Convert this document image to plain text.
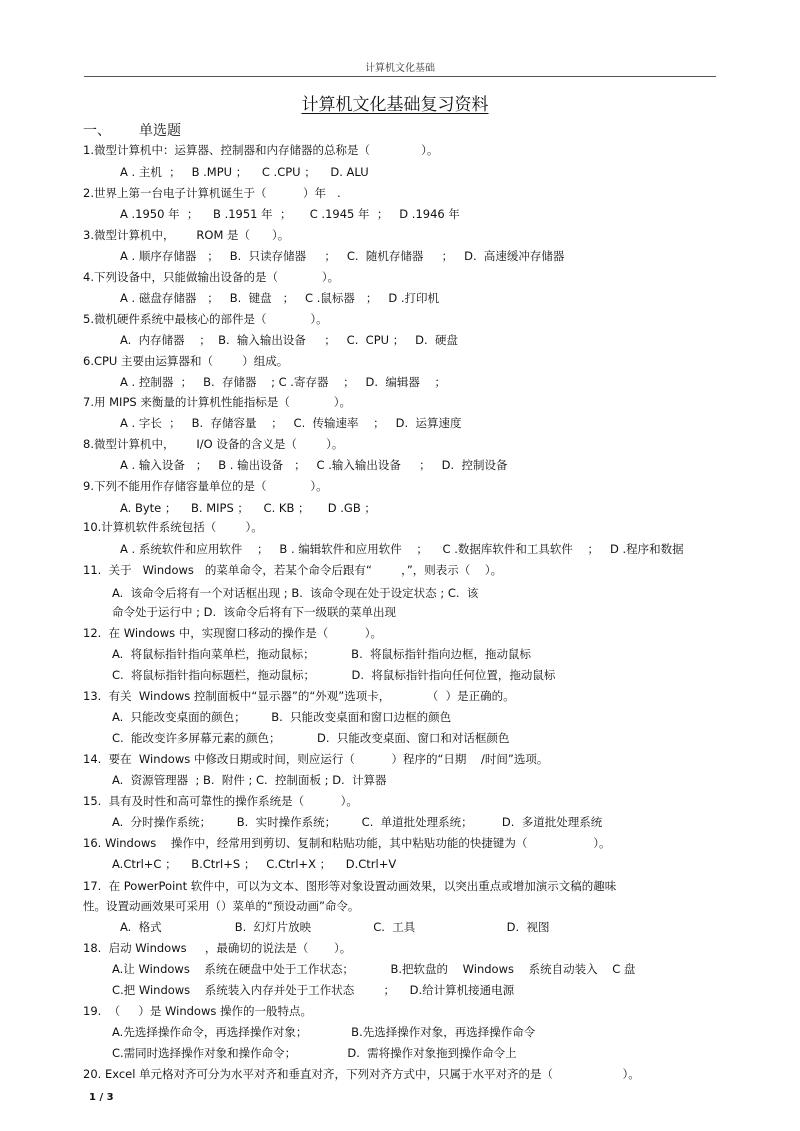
计算机文化基础
计算机文化基础复习资料
一、 单选题
1.微型计算机中：运算器、控制器和内存储器的总称是（              ）。
A . 主机  ；   B .MPU ；    C .CPU ；    D. ALU
2.世界上第一台电子计算机诞生于（          ）年   .
A .1950 年  ；    B .1951 年  ；     C .1945 年  ；   D .1946 年
3.微型计算机中，      ROM 是（      ）。
A . 顺序存储器   ；   B.  只读存储器     ；   C.  随机存储器     ；   D.  高速缓冲存储器
4.下列设备中，只能做输出设备的是（            ）。
A . 磁盘存储器   ；   B.  键盘   ；   C .鼠标器   ；   D .打印机
5.微机硬件系统中最核心的部件是（            ）。
A.  内存储器    ；  B.  输入输出设备     ；   C.  CPU ；   D.  硬盘
6.CPU 主要由运算器和（        ）组成。
A . 控制器  ；   B.  存储器    ; C .寄存器    ；   D.  编辑器    ；
7.用 MIPS 来衡量的计算机性能指标是（            ）。
A . 字长  ；   B.  存储容量    ；   C.  传输速率    ；   D.  运算速度
8.微型计算机中，      I/O 设备的含义是（        ）。
A . 输入设备   ；   B . 输出设备   ；   C .输入输出设备     ；   D.  控制设备
9.下列不能用作存储容量单位的是（            ）。
A. Byte ；    B. MIPS ；    C. KB ；     D .GB ；
10.计算机软件系统包括（        ）。
A . 系统软件和应用软件    ；   B . 编辑软件和应用软件    ；    C .数据库软件和工具软件    ；   D .程序和数据
11.  关于   Windows   的菜单命令，若某个命令后跟有“        ，”，则表示（    ）。
A.  该命令后将有一个对话框出现 ; B.  该命令现在处于设定状态 ; C.  该
命令处于运行中 ; D.  该命令后将有下一级联的菜单出现
12.  在 Windows 中，实现窗口移动的操作是（          ）。
A.  将鼠标指针指向菜单栏，拖动鼠标；          B.  将鼠标指针指向边框，拖动鼠标
C.  将鼠标指针指向标题栏，拖动鼠标；          D.  将鼠标指针指向任何位置，拖动鼠标
13.  有关  Windows 控制面板中“显示器”的“外观”选项卡，          （  ）是正确的。
A.  只能改变桌面的颜色；       B.  只能改变桌面和窗口边框的颜色
C.  能改变许多屏幕元素的颜色；          D.  只能改变桌面、窗口和对话框颜色
14.  要在  Windows 中修改日期或时间，则应运行（          ）程序的“日期    /时间”选项。
A.  资源管理器  ; B.  附件 ; C.  控制面板 ; D.  计算器
15.  具有及时性和高可靠性的操作系统是（          ）。
A.  分时操作系统；       B.  实时操作系统；       C.  单道批处理系统；        D.  多道批处理系统
16. Windows    操作中，经常用到剪切、复制和粘贴功能，其中粘贴功能的快捷键为（                  ）。
A.Ctrl+C ；    B.Ctrl+S ；   C.Ctrl+X ；    D.Ctrl+V
17.  在 PowerPoint 软件中，可以为文本、图形等对象设置动画效果，以突出重点或增加演示文稿的趣味
性。设置动画效果可采用（）菜单的“预设动画”命令。
A.  格式                    B.  幻灯片放映                 C.  工具                         D.  视图
18.  启动 Windows     ，最确切的说法是（       ）。
A.让 Windows    系统在硬盘中处于工作状态；          B.把软盘的    Windows    系统自动装入    C 盘
C.把 Windows    系统装入内存并处于工作状态        ；    D.给计算机接通电源
19.  （     ）是 Windows 操作的一般特点。
A.先选择操作命令，再选择操作对象；            B.先选择操作对象，再选择操作命令
C.需同时选择操作对象和操作命令；              D.  需将操作对象拖到操作命令上
20. Excel 单元格对齐可分为水平对齐和垂直对齐，下列对齐方式中，只属于水平对齐的是（                   ）。
1 / 3
